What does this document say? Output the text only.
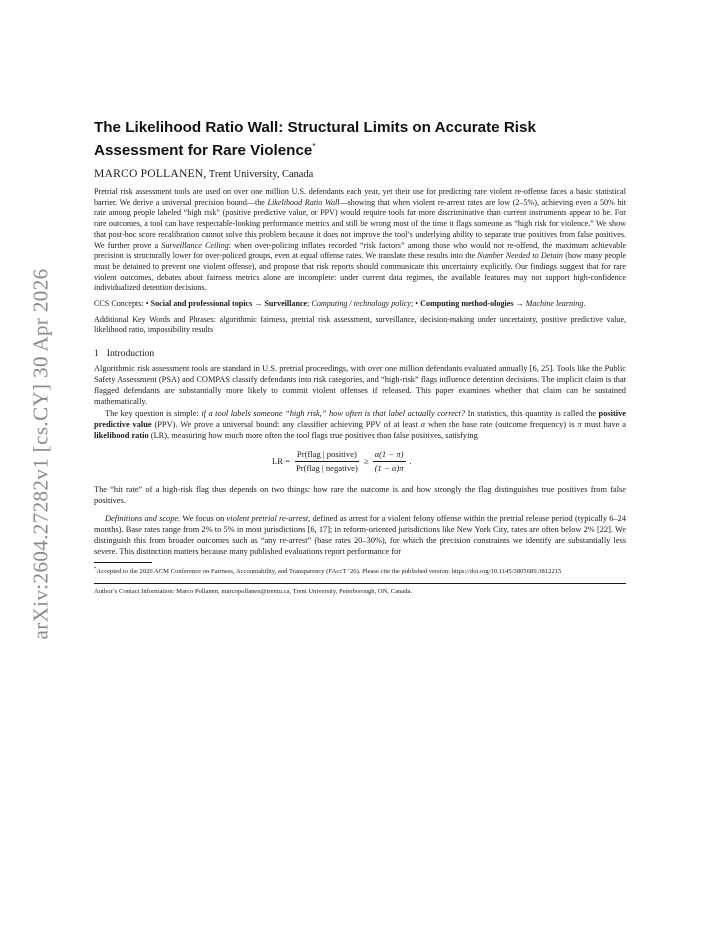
arXiv:2604.27282v1 [cs.CY] 30 Apr 2026
The Likelihood Ratio Wall: Structural Limits on Accurate Risk
Assessment for Rare Violence*
MARCO POLLANEN, Trent University, Canada

Pretrial risk assessment tools are used on over one million U.S. defendants each year, yet their use for predicting rare violent re-offense faces a basic statistical barrier. We derive a universal precision bound—the Likelihood Ratio Wall—showing that when violent re-arrest rates are low (2–5%), achieving even a 50% hit rate among people labeled “high risk” (positive predictive value, or PPV) would require tools far more discriminative than current instruments appear to be. For rare outcomes, a tool can have respectable-looking performance metrics and still be wrong most of the time it flags someone as “high risk for violence.” We show that post-hoc score recalibration cannot solve this problem because it does not improve the tool’s underlying ability to separate true positives from false positives. We further prove a Surveillance Ceiling: when over-policing inflates recorded “risk factors” among those who would not re-offend, the maximum achievable precision is structurally lower for over-policed groups, even at equal offense rates. We translate these results into the Number Needed to Detain (how many people must be detained to prevent one violent offense), and propose that risk reports should communicate this uncertainty explicitly. Our findings suggest that for rare violent outcomes, debates about fairness metrics alone are incomplete: under current data regimes, the available features may not support high-confidence individualized detention decisions.

CCS Concepts: • Social and professional topics → Surveillance; Computing / technology policy; • Computing method-ologies → Machine learning.

Additional Key Words and Phrases: algorithmic fairness, pretrial risk assessment, surveillance, decision-making under uncertainty, positive predictive value, likelihood ratio, impossibility results

1 Introduction

Algorithmic risk assessment tools are standard in U.S. pretrial proceedings, with over one million defendants evaluated annually [6, 25]. Tools like the Public Safety Assessment (PSA) and COMPAS classify defendants into risk categories, and “high-risk” flags influence detention decisions. The implicit claim is that flagged defendants are substantially more likely to commit violent offenses if released. This paper examines whether that claim can be sustained mathematically.

The key question is simple: if a tool labels someone “high risk,” how often is that label actually correct? In statistics, this quantity is called the positive predictive value (PPV). We prove a universal bound: any classifier achieving PPV of at least α when the base rate (outcome frequency) is π must have a likelihood ratio (LR), measuring how much more often the tool flags true positives than false positives, satisfying

LR = $\frac{\text{Pr(flag | positive)}}{\text{Pr(flag | negative)}} \ge \frac{\alpha(1 - \pi)}{(1 - \alpha)\pi}$ .

The “hit rate” of a high-risk flag thus depends on two things: how rare the outcome is and how strongly the flag distinguishes true positives from false positives.

Definitions and scope. We focus on violent pretrial re-arrest, defined as arrest for a violent felony offense within the pretrial release period (typically 6–24 months). Base rates range from 2% to 5% in most jurisdictions [6, 17]; in reform-oriented jurisdictions like New York City, rates are often below 2% [22]. We distinguish this from broader outcomes such as “any re-arrest” (base rates 20–30%), for which the precision constraints we identify are substantially less severe. This distinction matters because many published evaluations report performance for

*Accepted to the 2026 ACM Conference on Fairness, Accountability, and Transparency (FAccT ’26). Please cite the published version: https://doi.org/10.1145/3805689.3812215

Author’s Contact Information: Marco Pollanen, marcopollanen@trentu.ca, Trent University, Peterborough, ON, Canada.
